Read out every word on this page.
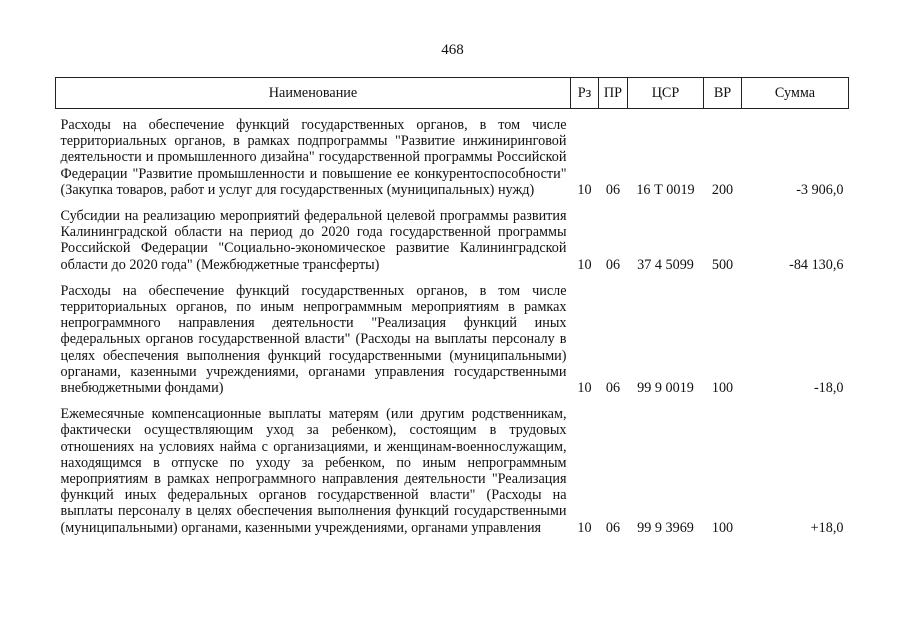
468
Наименование	Рз	ПР	ЦСР	ВР	Сумма
Расходы на обеспечение функций государственных органов, в том числе территориальных органов, в рамках подпрограммы "Развитие инжиниринговой деятельности и промышленного дизайна" государственной программы Российской Федерации "Развитие промышленности и повышение ее конкурентоспособности" (Закупка товаров, работ и услуг для государственных (муниципальных) нужд)	10	06	16 Т 0019	200	-3 906,0
Субсидии на реализацию мероприятий федеральной целевой программы развития Калининградской области на период до 2020 года государственной программы Российской Федерации "Социально-экономическое развитие Калининградской области до 2020 года" (Межбюджетные трансферты)	10	06	37 4 5099	500	-84 130,6
Расходы на обеспечение функций государственных органов, в том числе территориальных органов, по иным непрограммным мероприятиям в рамках непрограммного направления деятельности "Реализация функций иных федеральных органов государственной власти" (Расходы на выплаты персоналу в целях обеспечения выполнения функций государственными (муниципальными) органами, казенными учреждениями, органами управления государственными внебюджетными фондами)	10	06	99 9 0019	100	-18,0
Ежемесячные компенсационные выплаты матерям (или другим родственникам, фактически осуществляющим уход за ребенком), состоящим в трудовых отношениях на условиях найма с организациями, и женщинам-военнослужащим, находящимся в отпуске по уходу за ребенком, по иным непрограммным мероприятиям в рамках непрограммного направления деятельности "Реализация функций иных федеральных органов государственной власти" (Расходы на выплаты персоналу в целях обеспечения выполнения функций государственными (муниципальными) органами, казенными учреждениями, органами управления	10	06	99 9 3969	100	+18,0
